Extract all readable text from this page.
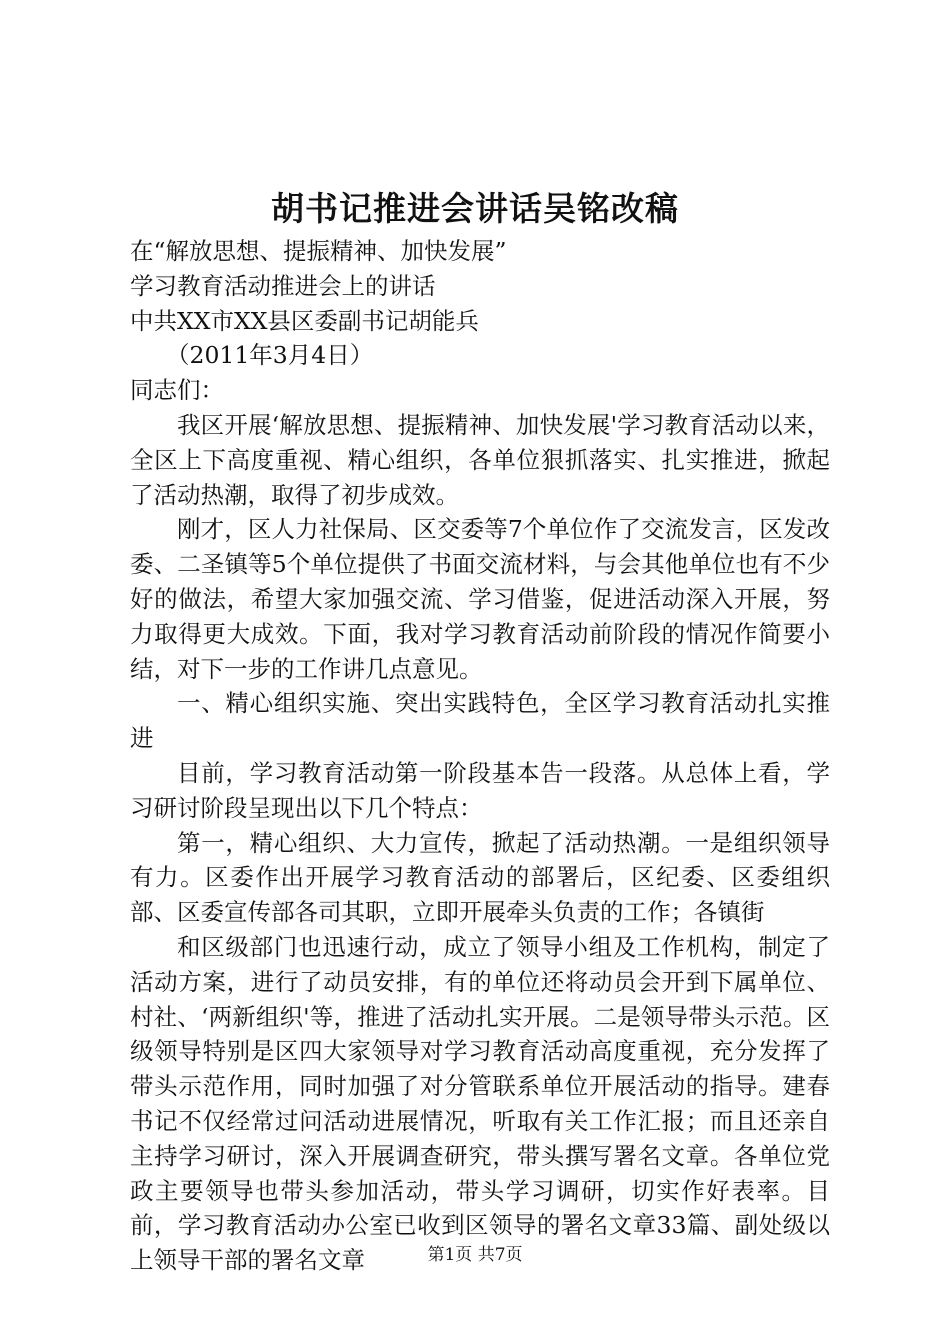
胡书记推进会讲话吴铭改稿

在“解放思想、提振精神、加快发展”

学习教育活动推进会上的讲话

中共XX市XX县区委副书记胡能兵

（2011年3月4日）

同志们：

我区开展‘解放思想、提振精神、加快发展'学习教育活动以来，全区上下高度重视、精心组织，各单位狠抓落实、扎实推进，掀起了活动热潮，取得了初步成效。

刚才，区人力社保局、区交委等7个单位作了交流发言，区发改委、二圣镇等5个单位提供了书面交流材料，与会其他单位也有不少好的做法，希望大家加强交流、学习借鉴，促进活动深入开展，努力取得更大成效。下面，我对学习教育活动前阶段的情况作简要小结，对下一步的工作讲几点意见。

一、精心组织实施、突出实践特色，全区学习教育活动扎实推进

目前，学习教育活动第一阶段基本告一段落。从总体上看，学习研讨阶段呈现出以下几个特点：

第一，精心组织、大力宣传，掀起了活动热潮。一是组织领导有力。区委作出开展学习教育活动的部署后，区纪委、区委组织部、区委宣传部各司其职，立即开展牵头负责的工作；各镇街

和区级部门也迅速行动，成立了领导小组及工作机构，制定了活动方案，进行了动员安排，有的单位还将动员会开到下属单位、村社、‘两新组织'等，推进了活动扎实开展。二是领导带头示范。区级领导特别是区四大家领导对学习教育活动高度重视，充分发挥了带头示范作用，同时加强了对分管联系单位开展活动的指导。建春书记不仅经常过问活动进展情况，听取有关工作汇报；而且还亲自主持学习研讨，深入开展调查研究，带头撰写署名文章。各单位党政主要领导也带头参加活动，带头学习调研，切实作好表率。目前，学习教育活动办公室已收到区领导的署名文章33篇、副处级以上领导干部的署名文章	第1页 共7页
